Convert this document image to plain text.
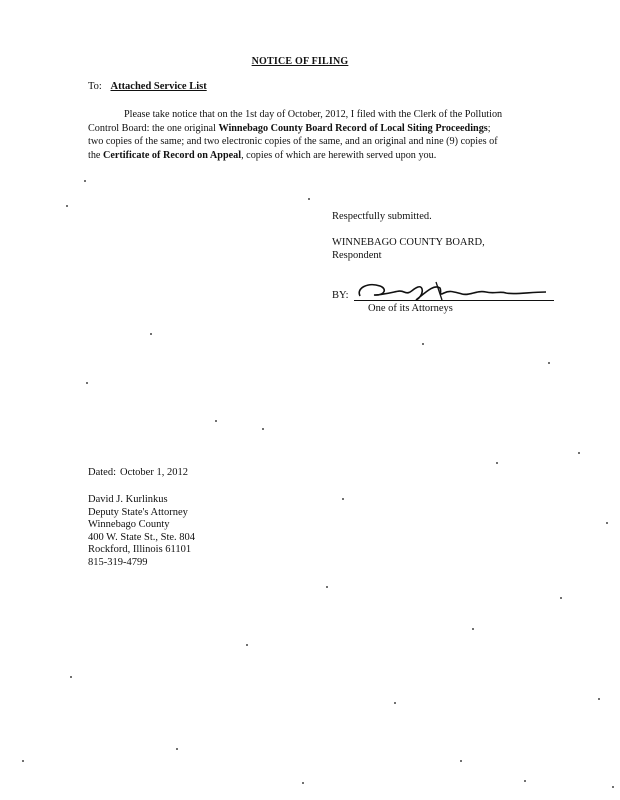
NOTICE OF FILING
To: Attached Service List
Please take notice that on the 1st day of October, 2012, I filed with the Clerk of the Pollution Control Board: the one original Winnebago County Board Record of Local Siting Proceedings; two copies of the same; and two electronic copies of the same, and an original and nine (9) copies of the Certificate of Record on Appeal, copies of which are herewith served upon you.
Respectfully submitted.
WINNEBAGO COUNTY BOARD,
Respondent
BY:
One of its Attorneys
Dated: October 1, 2012
David J. Kurlinkus
Deputy State's Attorney
Winnebago County
400 W. State St., Ste. 804
Rockford, Illinois 61101
815-319-4799
